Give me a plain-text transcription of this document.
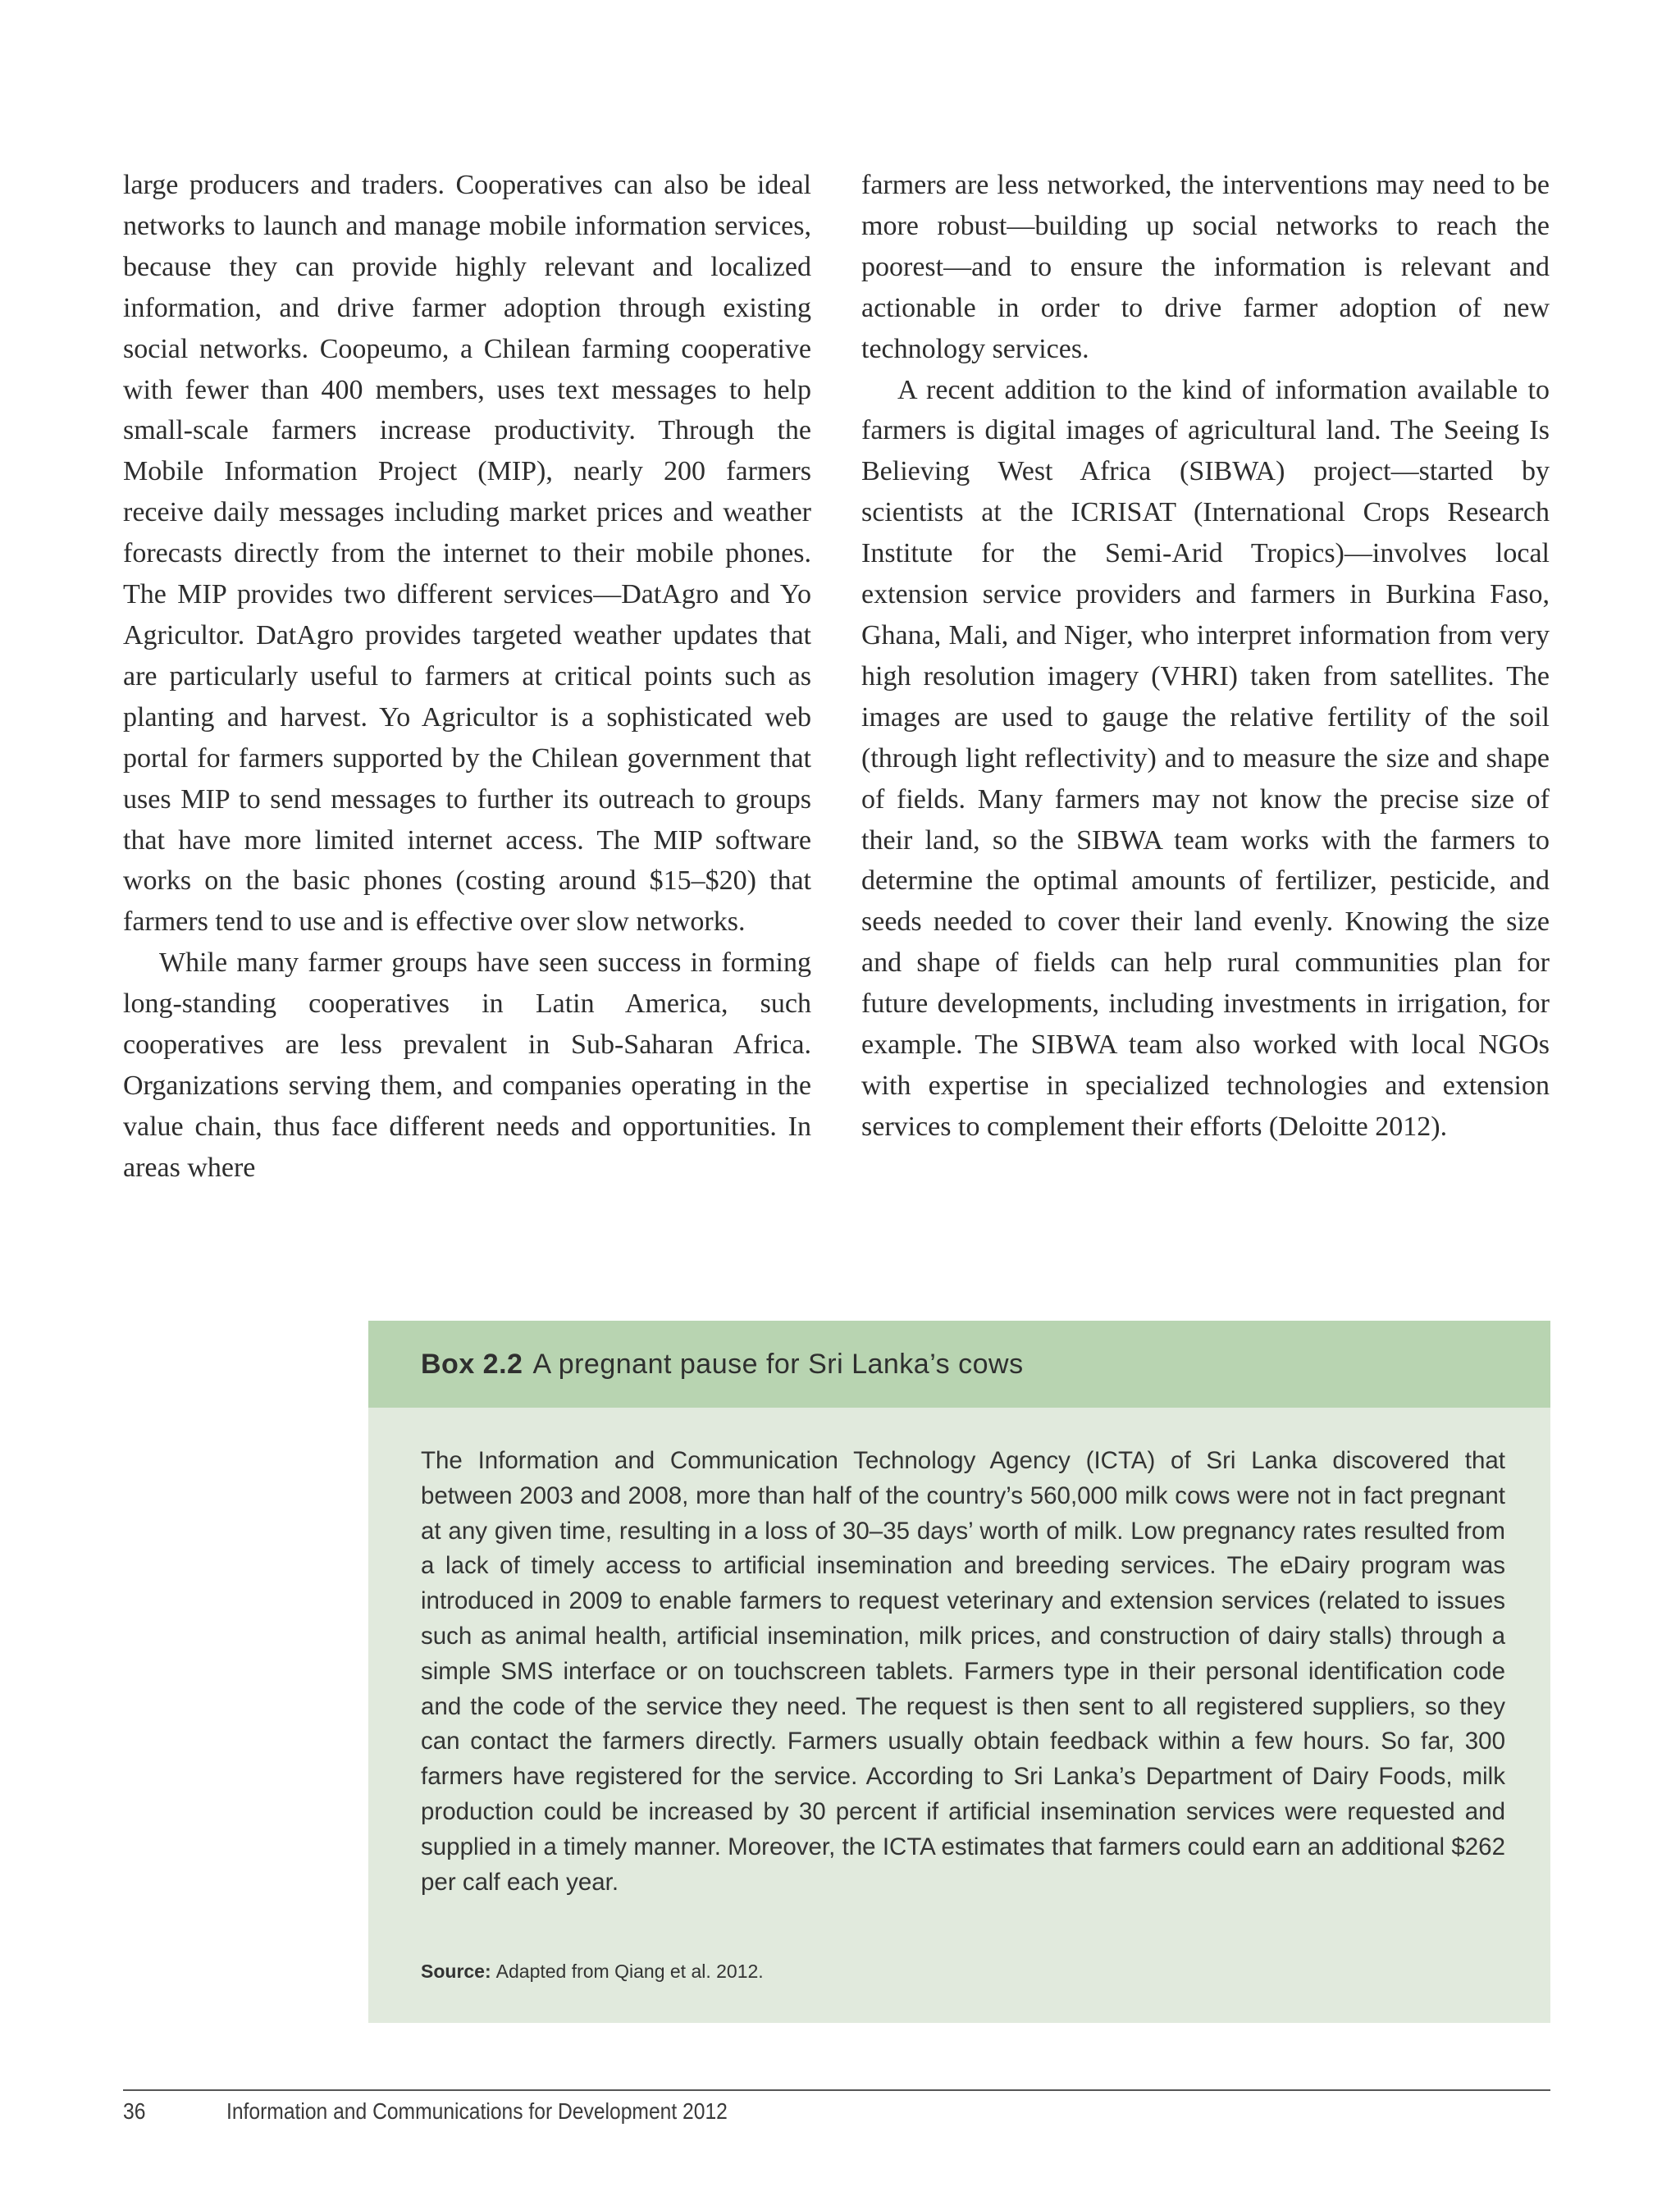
large producers and traders. Cooperatives can also be ideal networks to launch and manage mobile information services, because they can provide highly relevant and localized information, and drive farmer adoption through existing social networks. Coopeumo, a Chilean farming cooperative with fewer than 400 members, uses text messages to help small-scale farmers increase productivity. Through the Mobile Information Project (MIP), nearly 200 farmers receive daily messages including market prices and weather forecasts directly from the internet to their mobile phones. The MIP provides two different services—DatAgro and Yo Agricultor. DatAgro provides targeted weather updates that are particularly useful to farmers at critical points such as planting and harvest. Yo Agricultor is a sophisticated web portal for farmers supported by the Chilean government that uses MIP to send messages to further its outreach to groups that have more limited internet access. The MIP software works on the basic phones (costing around $15–$20) that farmers tend to use and is effective over slow networks.

While many farmer groups have seen success in forming long-standing cooperatives in Latin America, such cooperatives are less prevalent in Sub-Saharan Africa. Organizations serving them, and companies operating in the value chain, thus face different needs and opportunities. In areas where

farmers are less networked, the interventions may need to be more robust—building up social networks to reach the poorest—and to ensure the information is relevant and actionable in order to drive farmer adoption of new technology services.

A recent addition to the kind of information available to farmers is digital images of agricultural land. The Seeing Is Believing West Africa (SIBWA) project—started by scientists at the ICRISAT (International Crops Research Institute for the Semi-Arid Tropics)—involves local extension service providers and farmers in Burkina Faso, Ghana, Mali, and Niger, who interpret information from very high resolution imagery (VHRI) taken from satellites. The images are used to gauge the relative fertility of the soil (through light reflectivity) and to measure the size and shape of fields. Many farmers may not know the precise size of their land, so the SIBWA team works with the farmers to determine the optimal amounts of fertilizer, pesticide, and seeds needed to cover their land evenly. Knowing the size and shape of fields can help rural communities plan for future developments, including investments in irrigation, for example. The SIBWA team also worked with local NGOs with expertise in specialized technologies and extension services to complement their efforts (Deloitte 2012).

Box 2.2 A pregnant pause for Sri Lanka’s cows
The Information and Communication Technology Agency (ICTA) of Sri Lanka discovered that between 2003 and 2008, more than half of the country’s 560,000 milk cows were not in fact pregnant at any given time, resulting in a loss of 30–35 days’ worth of milk. Low pregnancy rates resulted from a lack of timely access to artificial insemination and breeding services. The eDairy program was introduced in 2009 to enable farmers to request veterinary and extension services (related to issues such as animal health, artificial insemination, milk prices, and construction of dairy stalls) through a simple SMS interface or on touchscreen tablets. Farmers type in their personal identification code and the code of the service they need. The request is then sent to all registered suppliers, so they can contact the farmers directly. Farmers usually obtain feedback within a few hours. So far, 300 farmers have registered for the service. According to Sri Lanka’s Department of Dairy Foods, milk production could be increased by 30 percent if artificial insemination services were requested and supplied in a timely manner. Moreover, the ICTA estimates that farmers could earn an additional $262 per calf each year.
Source: Adapted from Qiang et al. 2012.
36	Information and Communications for Development 2012
